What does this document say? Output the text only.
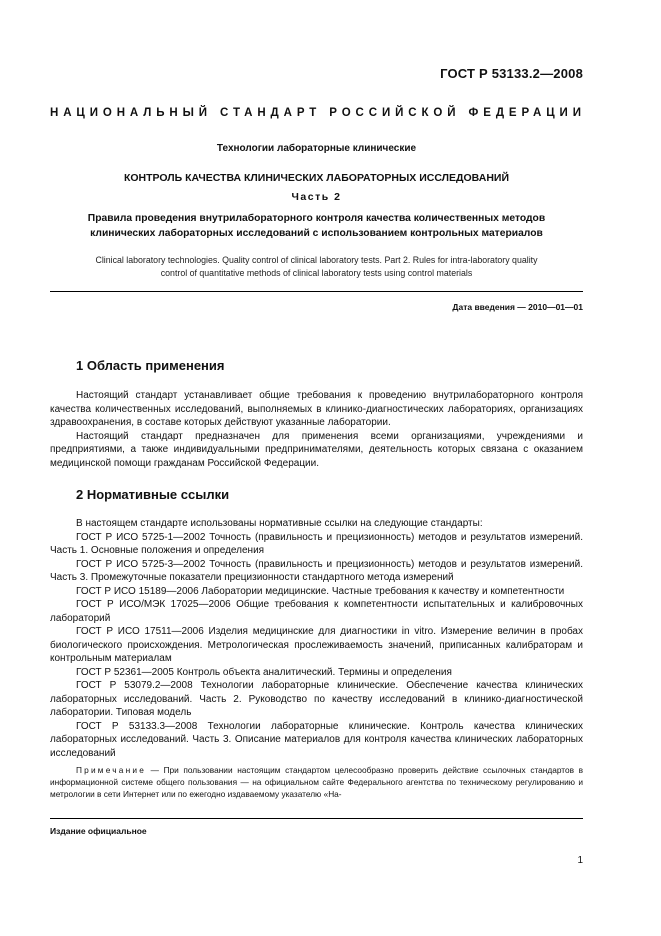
ГОСТ Р 53133.2—2008
НАЦИОНАЛЬНЫЙ СТАНДАРТ РОССИЙСКОЙ ФЕДЕРАЦИИ
Технологии лабораторные клинические
КОНТРОЛЬ КАЧЕСТВА КЛИНИЧЕСКИХ ЛАБОРАТОРНЫХ ИССЛЕДОВАНИЙ
Часть 2
Правила проведения внутрилабораторного контроля качества количественных методов
клинических лабораторных исследований с использованием контрольных материалов
Clinical laboratory technologies. Quality control of clinical laboratory tests. Part 2. Rules for intra-laboratory quality
control of quantitative methods of clinical laboratory tests using control materials
Дата введения — 2010—01—01
1 Область применения

Настоящий стандарт устанавливает общие требования к проведению внутрилабораторного контроля качества количественных исследований, выполняемых в клинико-диагностических лабораториях, организациях здравоохранения, в составе которых действуют указанные лаборатории.

Настоящий стандарт предназначен для применения всеми организациями, учреждениями и предприятиями, а также индивидуальными предпринимателями, деятельность которых связана с оказанием медицинской помощи гражданам Российской Федерации.

2 Нормативные ссылки

В настоящем стандарте использованы нормативные ссылки на следующие стандарты:

ГОСТ Р ИСО 5725-1—2002 Точность (правильность и прецизионность) методов и результатов измерений. Часть 1. Основные положения и определения

ГОСТ Р ИСО 5725-3—2002 Точность (правильность и прецизионность) методов и результатов измерений. Часть 3. Промежуточные показатели прецизионности стандартного метода измерений

ГОСТ Р ИСО 15189—2006 Лаборатории медицинские. Частные требования к качеству и компетентности

ГОСТ Р ИСО/МЭК 17025—2006 Общие требования к компетентности испытательных и калибровочных лабораторий

ГОСТ Р ИСО 17511—2006 Изделия медицинские для диагностики in vitro. Измерение величин в пробах биологического происхождения. Метрологическая прослеживаемость значений, приписанных калибраторам и контрольным материалам

ГОСТ Р 52361—2005 Контроль объекта аналитический. Термины и определения

ГОСТ Р 53079.2—2008 Технологии лабораторные клинические. Обеспечение качества клинических лабораторных исследований. Часть 2. Руководство по качеству исследований в клинико-диагностической лаборатории. Типовая модель

ГОСТ Р 53133.3—2008 Технологии лабораторные клинические. Контроль качества клинических лабораторных исследований. Часть 3. Описание материалов для контроля качества клинических лабораторных исследований

Примечание — При пользовании настоящим стандартом целесообразно проверить действие ссылочных стандартов в информационной системе общего пользования — на официальном сайте Федерального агентства по техническому регулированию и метрологии в сети Интернет или по ежегодно издаваемому указателю «На-

Издание официальное
1
